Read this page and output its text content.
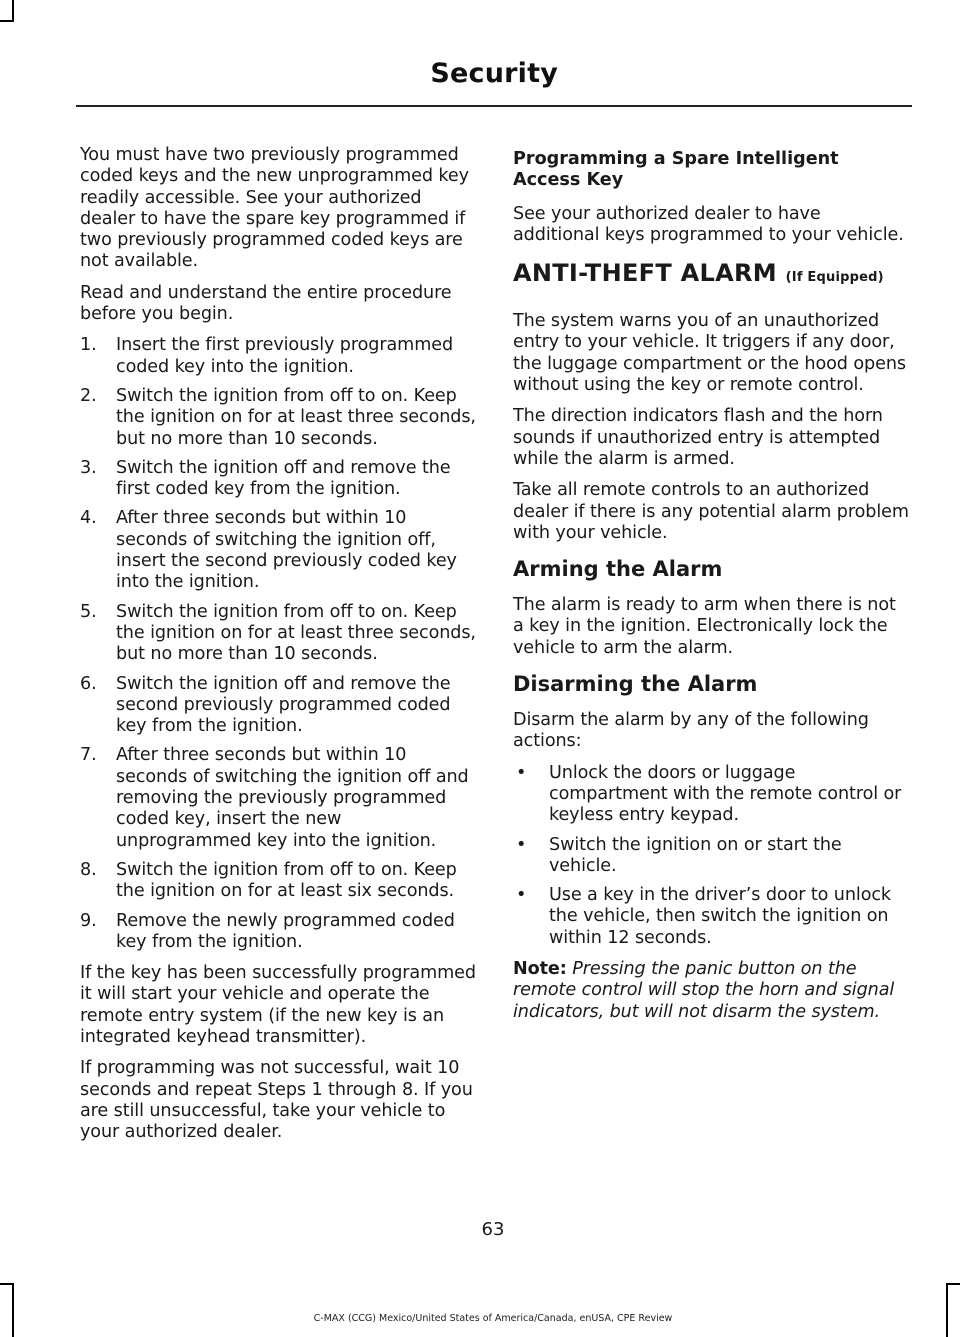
Security

You must have two previously programmed coded keys and the new unprogrammed key readily accessible. See your authorized dealer to have the spare key programmed if two previously programmed coded keys are not available.

Read and understand the entire procedure before you begin.

1. Insert the first previously programmed coded key into the ignition.
2. Switch the ignition from off to on. Keep the ignition on for at least three seconds, but no more than 10 seconds.
3. Switch the ignition off and remove the first coded key from the ignition.
4. After three seconds but within 10 seconds of switching the ignition off, insert the second previously coded key into the ignition.
5. Switch the ignition from off to on. Keep the ignition on for at least three seconds, but no more than 10 seconds.
6. Switch the ignition off and remove the second previously programmed coded key from the ignition.
7. After three seconds but within 10 seconds of switching the ignition off and removing the previously programmed coded key, insert the new unprogrammed key into the ignition.
8. Switch the ignition from off to on. Keep the ignition on for at least six seconds.
9. Remove the newly programmed coded key from the ignition.

If the key has been successfully programmed it will start your vehicle and operate the remote entry system (if the new key is an integrated keyhead transmitter).

If programming was not successful, wait 10 seconds and repeat Steps 1 through 8. If you are still unsuccessful, take your vehicle to your authorized dealer.

Programming a Spare Intelligent Access Key

See your authorized dealer to have additional keys programmed to your vehicle.

ANTI-THEFT ALARM (If Equipped)

The system warns you of an unauthorized entry to your vehicle. It triggers if any door, the luggage compartment or the hood opens without using the key or remote control.

The direction indicators flash and the horn sounds if unauthorized entry is attempted while the alarm is armed.

Take all remote controls to an authorized dealer if there is any potential alarm problem with your vehicle.

Arming the Alarm

The alarm is ready to arm when there is not a key in the ignition. Electronically lock the vehicle to arm the alarm.

Disarming the Alarm

Disarm the alarm by any of the following actions:

• Unlock the doors or luggage compartment with the remote control or keyless entry keypad.
• Switch the ignition on or start the vehicle.
• Use a key in the driver’s door to unlock the vehicle, then switch the ignition on within 12 seconds.

Note: Pressing the panic button on the remote control will stop the horn and signal indicators, but will not disarm the system.

63
C-MAX (CCG) Mexico/United States of America/Canada, enUSA, CPE Review
